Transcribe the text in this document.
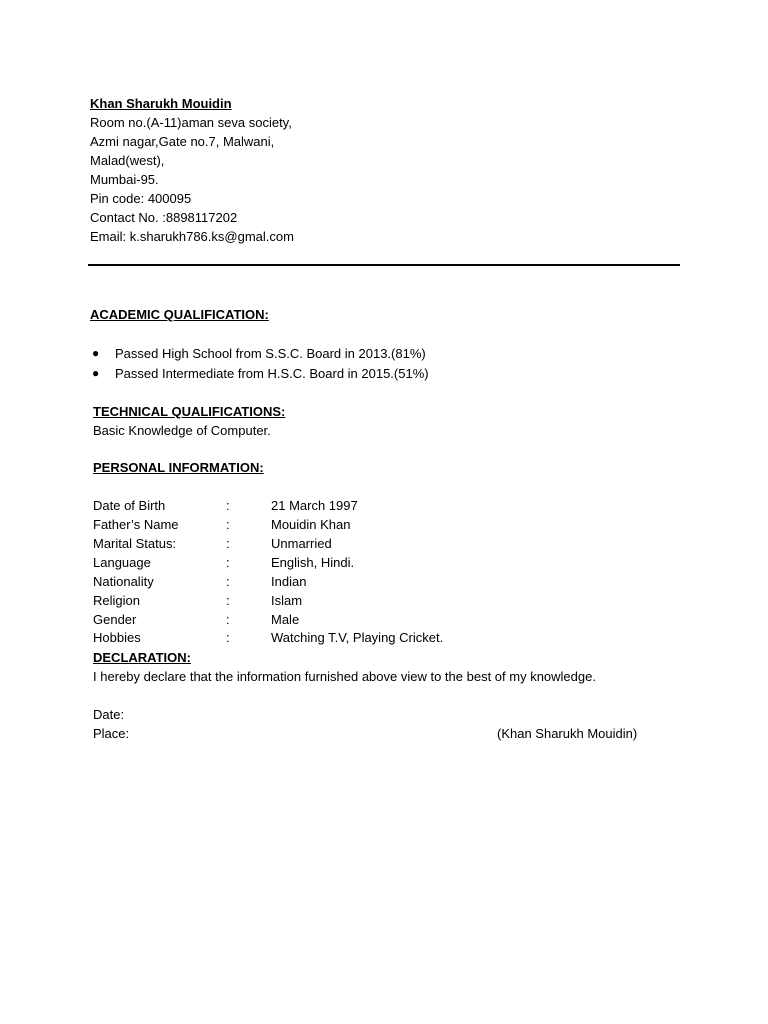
Khan Sharukh Mouidin
Room no.(A-11)aman seva society,
Azmi nagar,Gate no.7, Malwani,
Malad(west),
Mumbai-95.
Pin code: 400095
Contact No. :8898117202
Email: k.sharukh786.ks@gmal.com
ACADEMIC QUALIFICATION:
● Passed High School from S.S.C. Board in 2013.(81%)
● Passed Intermediate from H.S.C. Board in 2015.(51%)
TECHNICAL QUALIFICATIONS:
Basic Knowledge of Computer.
PERSONAL INFORMATION:
Date of Birth	:	21 March 1997
Father’s Name	:	Mouidin Khan
Marital Status:	:	Unmarried
Language	:	English, Hindi.
Nationality	:	Indian
Religion	:	Islam
Gender	:	Male
Hobbies	:	Watching T.V, Playing Cricket.
DECLARATION:
I hereby declare that the information furnished above view to the best of my knowledge.
Date:
Place:	(Khan Sharukh Mouidin)
